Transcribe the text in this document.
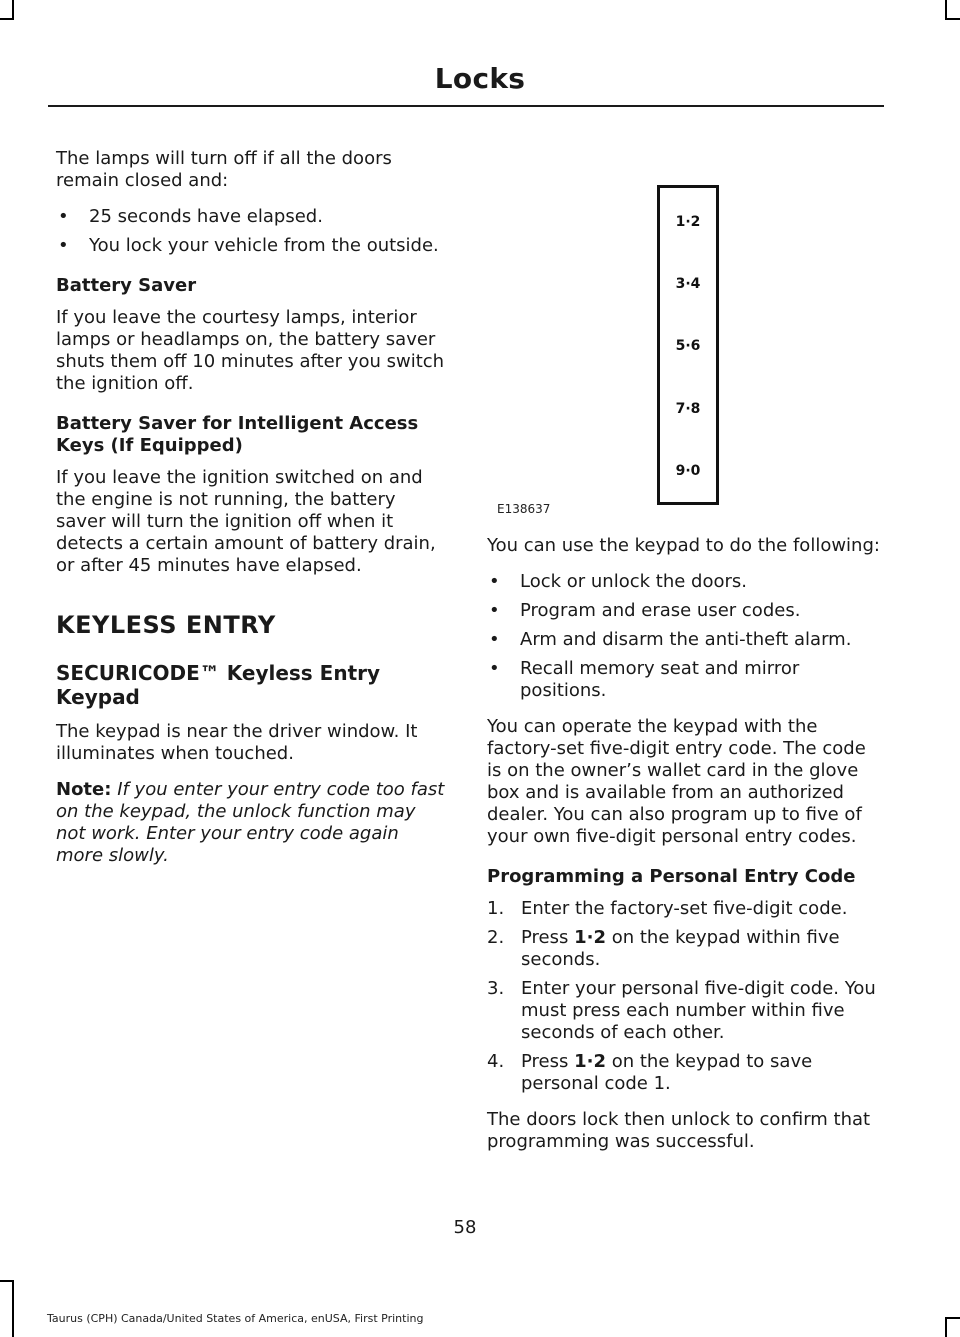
Locks

The lamps will turn off if all the doors remain closed and:

• 25 seconds have elapsed.
• You lock your vehicle from the outside.
Battery Saver

If you leave the courtesy lamps, interior lamps or headlamps on, the battery saver shuts them off 10 minutes after you switch the ignition off.

Battery Saver for Intelligent Access Keys (If Equipped)

If you leave the ignition switched on and the engine is not running, the battery saver will turn the ignition off when it detects a certain amount of battery drain, or after 45 minutes have elapsed.

KEYLESS ENTRY
SECURICODE™ Keyless Entry Keypad

The keypad is near the driver window. It illuminates when touched.

Note: If you enter your entry code too fast on the keypad, the unlock function may not work. Enter your entry code again more slowly.

1·2
3·4
5·6
7·8
9·0
E138637

You can use the keypad to do the following:

• Lock or unlock the doors.
• Program and erase user codes.
• Arm and disarm the anti-theft alarm.
• Recall memory seat and mirror positions.

You can operate the keypad with the factory-set five-digit entry code. The code is on the owner’s wallet card in the glove box and is available from an authorized dealer. You can also program up to five of your own five-digit personal entry codes.

Programming a Personal Entry Code
1. Enter the factory-set five-digit code.
2. Press 1·2 on the keypad within five seconds.
3. Enter your personal five-digit code. You must press each number within five seconds of each other.
4. Press 1·2 on the keypad to save personal code 1.

The doors lock then unlock to confirm that programming was successful.

58
Taurus (CPH) Canada/United States of America, enUSA, First Printing
